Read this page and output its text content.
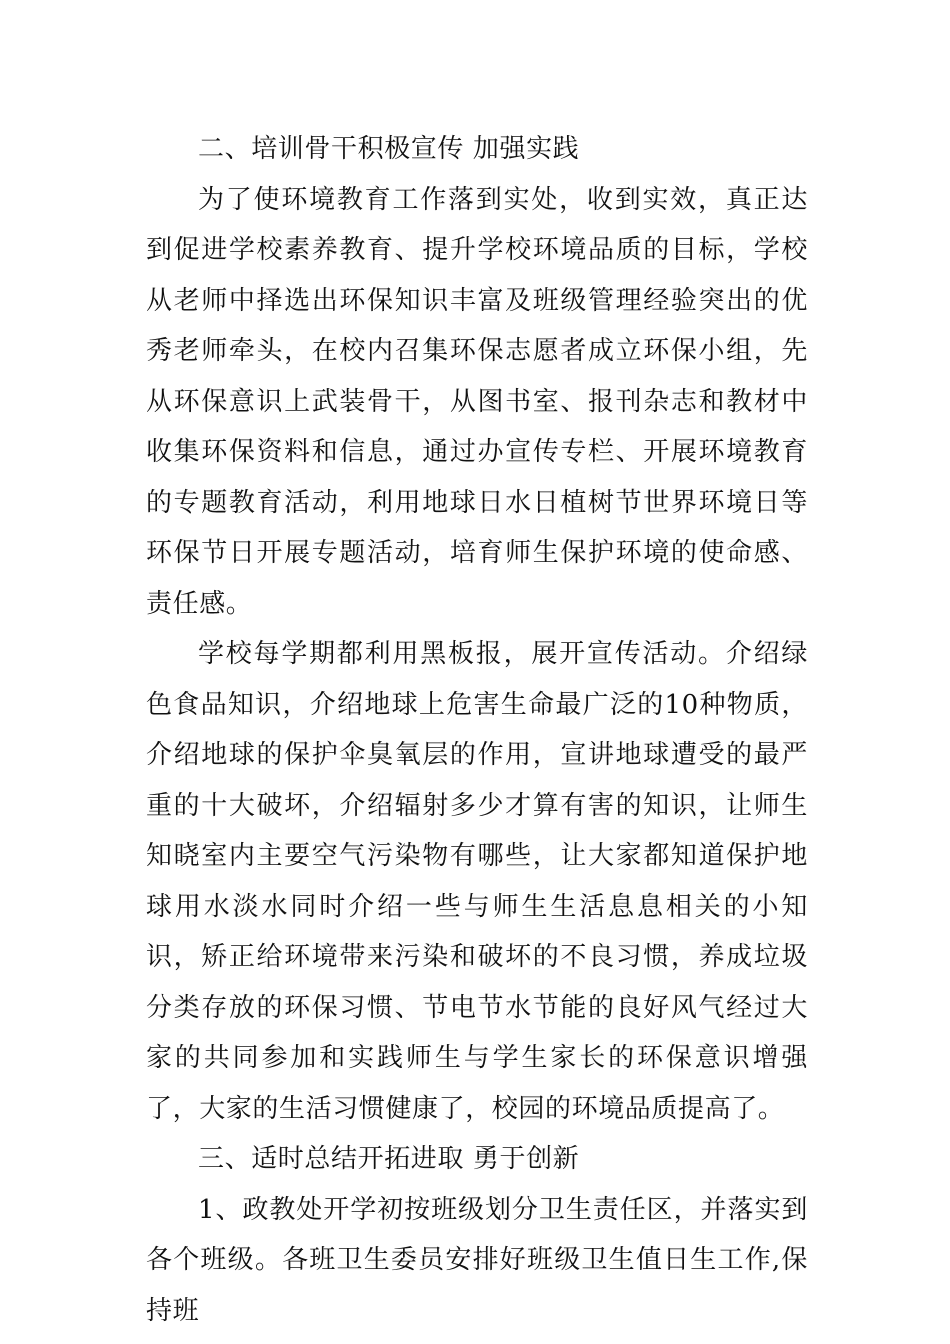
二、培训骨干积极宣传 加强实践

为了使环境教育工作落到实处，收到实效，真正达到促进学校素养教育、提升学校环境品质的目标，学校从老师中择选出环保知识丰富及班级管理经验突出的优秀老师牵头，在校内召集环保志愿者成立环保小组，先从环保意识上武装骨干，从图书室、报刊杂志和教材中收集环保资料和信息，通过办宣传专栏、开展环境教育的专题教育活动，利用地球日水日植树节世界环境日等环保节日开展专题活动，培育师生保护环境的使命感、责任感。

学校每学期都利用黑板报，展开宣传活动。介绍绿色食品知识，介绍地球上危害生命最广泛的10种物质，介绍地球的保护伞臭氧层的作用，宣讲地球遭受的最严重的十大破坏，介绍辐射多少才算有害的知识，让师生知晓室内主要空气污染物有哪些，让大家都知道保护地球用水淡水同时介绍一些与师生生活息息相关的小知识，矫正给环境带来污染和破坏的不良习惯，养成垃圾分类存放的环保习惯、节电节水节能的良好风气经过大家的共同参加和实践师生与学生家长的环保意识增强了，大家的生活习惯健康了，校园的环境品质提高了。

三、适时总结开拓进取 勇于创新

1、政教处开学初按班级划分卫生责任区，并落实到各个班级。各班卫生委员安排好班级卫生值日生工作,保持班
